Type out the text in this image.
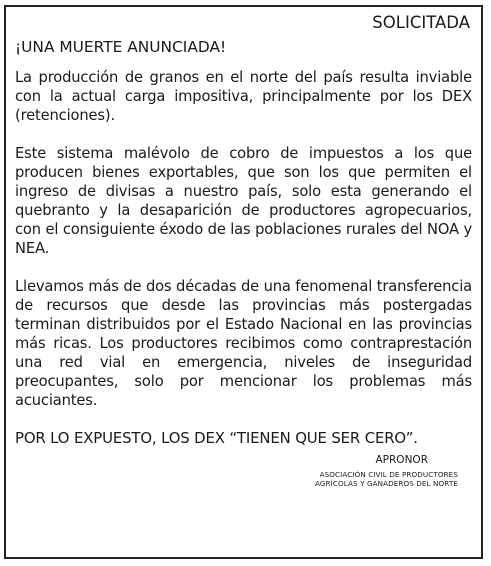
SOLICITADA

¡UNA MUERTE ANUNCIADA!

La producción de granos en el norte del país resulta inviable con la actual carga impositiva, principalmente por los DEX (retenciones).

Este sistema malévolo de cobro de impuestos a los que producen bienes exportables, que son los que permiten el ingreso de divisas a nuestro país, solo esta generando el quebranto y la desaparición de productores agropecuarios, con el consiguiente éxodo de las poblaciones rurales del NOA y NEA.

Llevamos más de dos décadas de una fenomenal transferencia de recursos que desde las provincias más postergadas terminan distribuidos por el Estado Nacional en las provincias más ricas. Los productores recibimos como contraprestación una red vial en emergencia, niveles de inseguridad preocupantes, solo por mencionar los problemas más acuciantes.

POR LO EXPUESTO, LOS DEX “TIENEN QUE SER CERO”.

APRONOR

ASOCIACIÓN CIVIL DE PRODUCTORES

AGRÍCOLAS Y GANADEROS DEL NORTE
